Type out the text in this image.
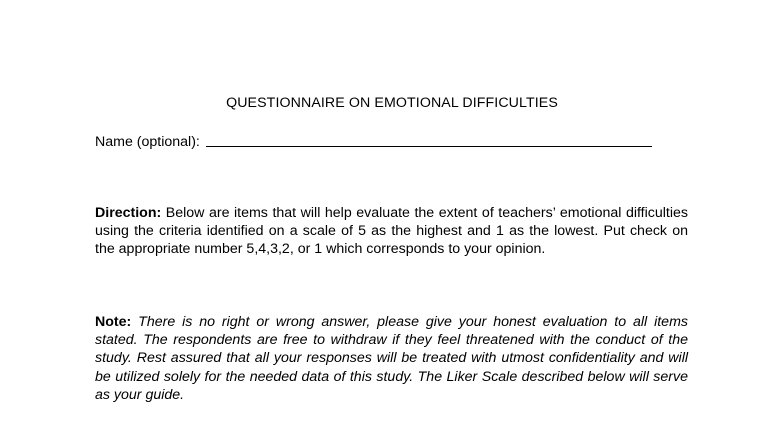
QUESTIONNAIRE ON EMOTIONAL DIFFICULTIES
Name (optional):
Direction: Below are items that will help evaluate the extent of teachers’ emotional difficulties using the criteria identified on a scale of 5 as the highest and 1 as the lowest. Put check on the appropriate number 5,4,3,2, or 1 which corresponds to your opinion.
Note: There is no right or wrong answer, please give your honest evaluation to all items stated. The respondents are free to withdraw if they feel threatened with the conduct of the study. Rest assured that all your responses will be treated with utmost confidentiality and will be utilized solely for the needed data of this study. The Liker Scale described below will serve as your guide.
